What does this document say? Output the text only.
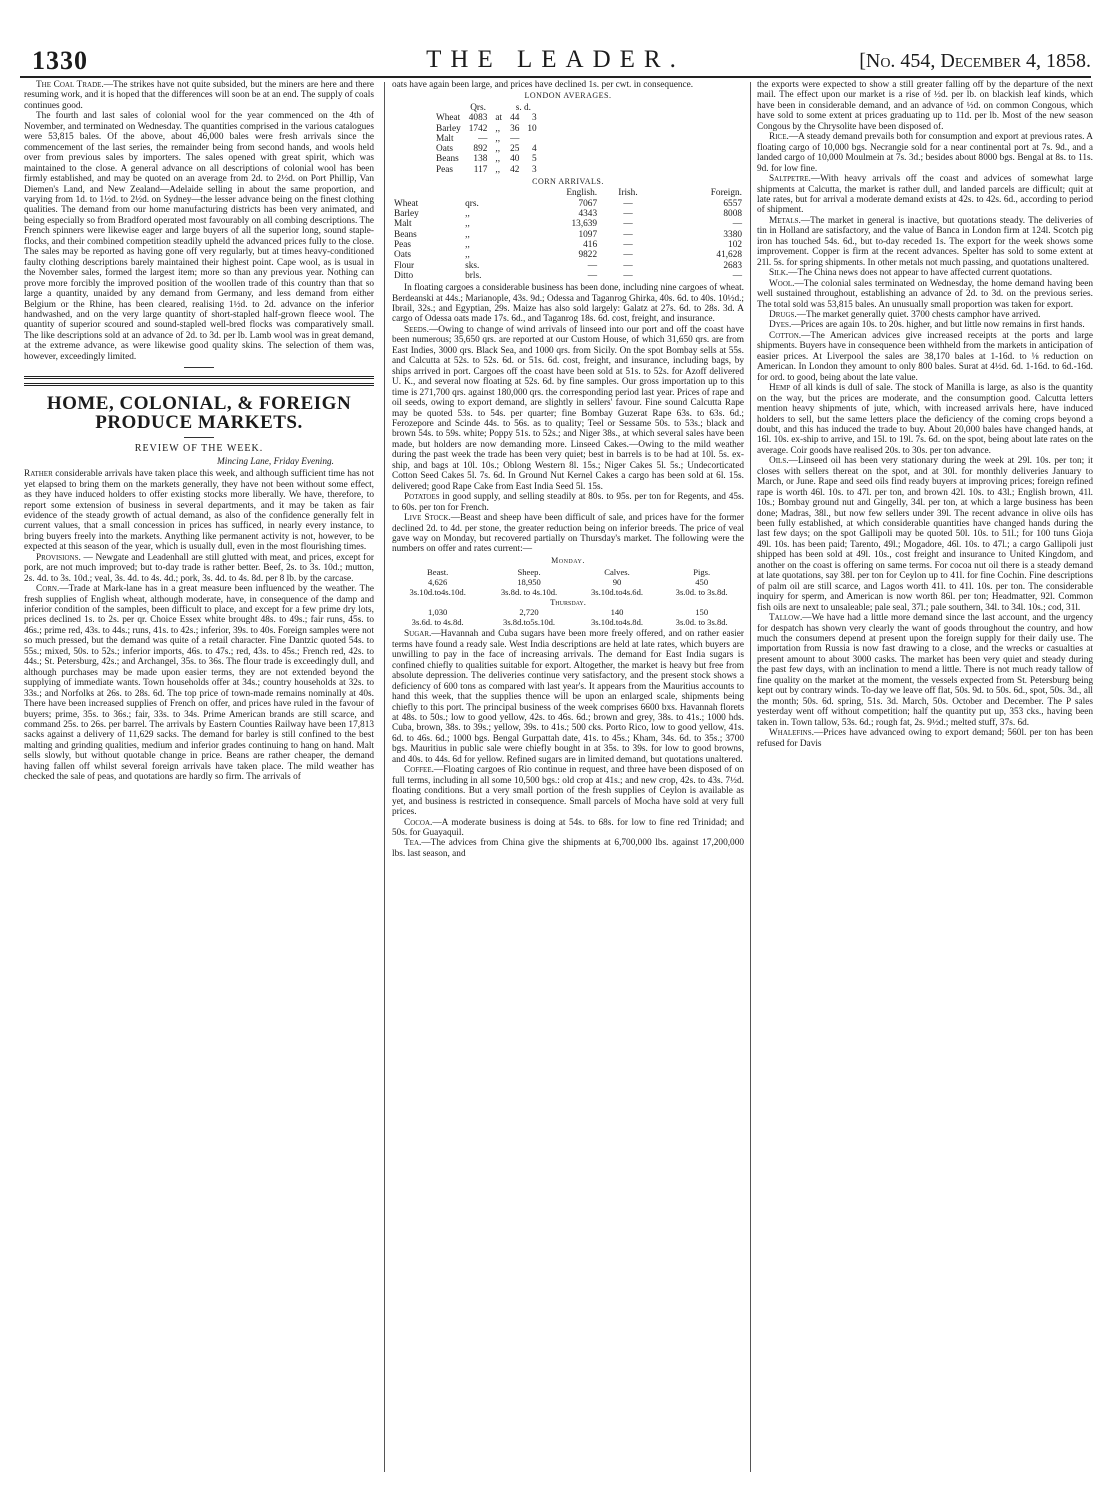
1330	THE LEADER.	[No. 454, December 4, 1858.

The Coal Trade.—The strikes have not quite subsided, but the miners are here and there resuming work, and it is hoped that the differences will soon be at an end. The supply of coals continues good.

The fourth and last sales of colonial wool for the year commenced on the 4th of November, and terminated on Wednesday. The quantities comprised in the various catalogues were 53,815 bales. Of the above, about 46,000 bales were fresh arrivals since the commencement of the last series, the remainder being from second hands, and wools held over from previous sales by importers. The sales opened with great spirit, which was maintained to the close. A general advance on all descriptions of colonial wool has been firmly established, and may be quoted on an average from 2d. to 2½d. on Port Phillip, Van Diemen's Land, and New Zealand—Adelaide selling in about the same proportion, and varying from 1d. to 1½d. to 2½d. on Sydney—the lesser advance being on the finest clothing qualities. The demand from our home manufacturing districts has been very animated, and being especially so from Bradford operated most favourably on all combing descriptions. The French spinners were likewise eager and large buyers of all the superior long, sound staple-flocks, and their combined competition steadily upheld the advanced prices fully to the close. The sales may be reported as having gone off very regularly, but at times heavy-conditioned faulty clothing descriptions barely maintained their highest point. Cape wool, as is usual in the November sales, formed the largest item; more so than any previous year. Nothing can prove more forcibly the improved position of the woollen trade of this country than that so large a quantity, unaided by any demand from Germany, and less demand from either Belgium or the Rhine, has been cleared, realising 1½d. to 2d. advance on the inferior handwashed, and on the very large quantity of short-stapled half-grown fleece wool. The quantity of superior scoured and sound-stapled well-bred flocks was comparatively small. The like descriptions sold at an advance of 2d. to 3d. per lb. Lamb wool was in great demand, at the extreme advance, as were likewise good quality skins. The selection of them was, however, exceedingly limited.

HOME, COLONIAL, & FOREIGN
PRODUCE MARKETS.
REVIEW OF THE WEEK.
Mincing Lane, Friday Evening.

Rather considerable arrivals have taken place this week, and although sufficient time has not yet elapsed to bring them on the markets generally, they have not been without some effect, as they have induced holders to offer existing stocks more liberally. We have, therefore, to report some extension of business in several departments, and it may be taken as fair evidence of the steady growth of actual demand, as also of the confidence generally felt in current values, that a small concession in prices has sufficed, in nearly every instance, to bring buyers freely into the markets. Anything like permanent activity is not, however, to be expected at this season of the year, which is usually dull, even in the most flourishing times.

Provisions. — Newgate and Leadenhall are still glutted with meat, and prices, except for pork, are not much improved; but to-day trade is rather better. Beef, 2s. to 3s. 10d.; mutton, 2s. 4d. to 3s. 10d.; veal, 3s. 4d. to 4s. 4d.; pork, 3s. 4d. to 4s. 8d. per 8 lb. by the carcase.

Corn.—Trade at Mark-lane has in a great measure been influenced by the weather. The fresh supplies of English wheat, although moderate, have, in consequence of the damp and inferior condition of the samples, been difficult to place, and except for a few prime dry lots, prices declined 1s. to 2s. per qr. Choice Essex white brought 48s. to 49s.; fair runs, 45s. to 46s.; prime red, 43s. to 44s.; runs, 41s. to 42s.; inferior, 39s. to 40s. Foreign samples were not so much pressed, but the demand was quite of a retail character. Fine Dantzic quoted 54s. to 55s.; mixed, 50s. to 52s.; inferior imports, 46s. to 47s.; red, 43s. to 45s.; French red, 42s. to 44s.; St. Petersburg, 42s.; and Archangel, 35s. to 36s. The flour trade is exceedingly dull, and although purchases may be made upon easier terms, they are not extended beyond the supplying of immediate wants. Town households offer at 34s.; country households at 32s. to 33s.; and Norfolks at 26s. to 28s. 6d. The top price of town-made remains nominally at 40s. There have been increased supplies of French on offer, and prices have ruled in the favour of buyers; prime, 35s. to 36s.; fair, 33s. to 34s. Prime American brands are still scarce, and command 25s. to 26s. per barrel. The arrivals by Eastern Counties Railway have been 17,813 sacks against a delivery of 11,629 sacks. The demand for barley is still confined to the best malting and grinding qualities, medium and inferior grades continuing to hang on hand. Malt sells slowly, but without quotable change in price. Beans are rather cheaper, the demand having fallen off whilst several foreign arrivals have taken place. The mild weather has checked the sale of peas, and quotations are hardly so firm. The arrivals of

oats have again been large, and prices have declined 1s. per cwt. in consequence.

LONDON AVERAGES.
	Qrs.		s. d.	
Wheat	4083	at	44	3
Barley	1742	,,	36	10
Malt	—	,,	—	
Oats	892	,,	25	4
Beans	138	,,	40	5
Peas	117	,,	42	3
CORN ARRIVALS.
		English.	Irish.	Foreign.
Wheat	qrs.	7067	—	6557
Barley	,,	4343	—	8008
Malt	,,	13,639	—	—
Beans	,,	1097	—	3380
Peas	,,	416	—	102
Oats	,,	9822	—	41,628
Flour	sks.	—	—	2683
Ditto	brls.	—	—	—

In floating cargoes a considerable business has been done, including nine cargoes of wheat. Berdeanski at 44s.; Marianople, 43s. 9d.; Odessa and Taganrog Ghirka, 40s. 6d. to 40s. 10½d.; Ibrail, 32s.; and Egyptian, 29s. Maize has also sold largely: Galatz at 27s. 6d. to 28s. 3d. A cargo of Odessa oats made 17s. 6d., and Taganrog 18s. 6d. cost, freight, and insurance.

Seeds.—Owing to change of wind arrivals of linseed into our port and off the coast have been numerous; 35,650 qrs. are reported at our Custom House, of which 31,650 qrs. are from East Indies, 3000 qrs. Black Sea, and 1000 qrs. from Sicily. On the spot Bombay sells at 55s. and Calcutta at 52s. to 52s. 6d. or 51s. 6d. cost, freight, and insurance, including bags, by ships arrived in port. Cargoes off the coast have been sold at 51s. to 52s. for Azoff delivered U. K., and several now floating at 52s. 6d. by fine samples. Our gross importation up to this time is 271,700 qrs. against 180,000 qrs. the corresponding period last year. Prices of rape and oil seeds, owing to export demand, are slightly in sellers' favour. Fine sound Calcutta Rape may be quoted 53s. to 54s. per quarter; fine Bombay Guzerat Rape 63s. to 63s. 6d.; Ferozepore and Scinde 44s. to 56s. as to quality; Teel or Sessame 50s. to 53s.; black and brown 54s. to 59s. white; Poppy 51s. to 52s.; and Niger 38s., at which several sales have been made, but holders are now demanding more. Linseed Cakes.—Owing to the mild weather during the past week the trade has been very quiet; best in barrels is to be had at 10l. 5s. ex-ship, and bags at 10l. 10s.; Oblong Western 8l. 15s.; Niger Cakes 5l. 5s.; Undecorticated Cotton Seed Cakes 5l. 7s. 6d. In Ground Nut Kernel Cakes a cargo has been sold at 6l. 15s. delivered; good Rape Cake from East India Seed 5l. 15s.

Potatoes in good supply, and selling steadily at 80s. to 95s. per ton for Regents, and 45s. to 60s. per ton for French.

Live Stock.—Beast and sheep have been difficult of sale, and prices have for the former declined 2d. to 4d. per stone, the greater reduction being on inferior breeds. The price of veal gave way on Monday, but recovered partially on Thursday's market. The following were the numbers on offer and rates current:—

Monday.
Beast.	Sheep.	Calves.	Pigs.
4,626	18,950	90	450
3s.10d.to4s.10d.	3s.8d. to 4s.10d.	3s.10d.to4s.6d.	3s.0d. to 3s.8d.
Thursday.			
1,030	2,720	140	150
3s.6d. to 4s.8d.	3s.8d.to5s.10d.	3s.10d.to4s.8d.	3s.0d. to 3s.8d.

Sugar.—Havannah and Cuba sugars have been more freely offered, and on rather easier terms have found a ready sale. West India descriptions are held at late rates, which buyers are unwilling to pay in the face of increasing arrivals. The demand for East India sugars is confined chiefly to qualities suitable for export. Altogether, the market is heavy but free from absolute depression. The deliveries continue very satisfactory, and the present stock shows a deficiency of 600 tons as compared with last year's. It appears from the Mauritius accounts to hand this week, that the supplies thence will be upon an enlarged scale, shipments being chiefly to this port. The principal business of the week comprises 6600 bxs. Havannah florets at 48s. to 50s.; low to good yellow, 42s. to 46s. 6d.; brown and grey, 38s. to 41s.; 1000 hds. Cuba, brown, 38s. to 39s.; yellow, 39s. to 41s.; 500 cks. Porto Rico, low to good yellow, 41s. 6d. to 46s. 6d.; 1000 bgs. Bengal Gurpattah date, 41s. to 45s.; Kham, 34s. 6d. to 35s.; 3700 bgs. Mauritius in public sale were chiefly bought in at 35s. to 39s. for low to good browns, and 40s. to 44s. 6d for yellow. Refined sugars are in limited demand, but quotations unaltered.

Coffee.—Floating cargoes of Rio continue in request, and three have been disposed of on full terms, including in all some 10,500 bgs.: old crop at 41s.; and new crop, 42s. to 43s. 7½d. floating conditions. But a very small portion of the fresh supplies of Ceylon is available as yet, and business is restricted in consequence. Small parcels of Mocha have sold at very full prices.

Cocoa.—A moderate business is doing at 54s. to 68s. for low to fine red Trinidad; and 50s. for Guayaquil.

Tea.—The advices from China give the shipments at 6,700,000 lbs. against 17,200,000 lbs. last season, and

the exports were expected to show a still greater falling off by the departure of the next mail. The effect upon our market is a rise of ½d. per lb. on blackish leaf kinds, which have been in considerable demand, and an advance of ½d. on common Congous, which have sold to some extent at prices graduating up to 11d. per lb. Most of the new season Congous by the Chrysolite have been disposed of.

Rice.—A steady demand prevails both for consumption and export at previous rates. A floating cargo of 10,000 bgs. Necrangie sold for a near continental port at 7s. 9d., and a landed cargo of 10,000 Moulmein at 7s. 3d.; besides about 8000 bgs. Bengal at 8s. to 11s. 9d. for low fine.

Saltpetre.—With heavy arrivals off the coast and advices of somewhat large shipments at Calcutta, the market is rather dull, and landed parcels are difficult; quit at late rates, but for arrival a moderate demand exists at 42s. to 42s. 6d., according to period of shipment.

Metals.—The market in general is inactive, but quotations steady. The deliveries of tin in Holland are satisfactory, and the value of Banca in London firm at 124l. Scotch pig iron has touched 54s. 6d., but to-day receded 1s. The export for the week shows some improvement. Copper is firm at the recent advances. Spelter has sold to some extent at 21l. 5s. for spring shipments. In other metals not much passing, and quotations unaltered.

Silk.—The China news does not appear to have affected current quotations.

Wool.—The colonial sales terminated on Wednesday, the home demand having been well sustained throughout, establishing an advance of 2d. to 3d. on the previous series. The total sold was 53,815 bales. An unusually small proportion was taken for export.

Drugs.—The market generally quiet. 3700 chests camphor have arrived.

Dyes.—Prices are again 10s. to 20s. higher, and but little now remains in first hands.

Cotton.—The American advices give increased receipts at the ports and large shipments. Buyers have in consequence been withheld from the markets in anticipation of easier prices. At Liverpool the sales are 38,170 bales at 1-16d. to ⅛ reduction on American. In London they amount to only 800 bales. Surat at 4½d. 6d. 1-16d. to 6d.-16d. for ord. to good, being about the late value.

Hemp of all kinds is dull of sale. The stock of Manilla is large, as also is the quantity on the way, but the prices are moderate, and the consumption good. Calcutta letters mention heavy shipments of jute, which, with increased arrivals here, have induced holders to sell, but the same letters place the deficiency of the coming crops beyond a doubt, and this has induced the trade to buy. About 20,000 bales have changed hands, at 16l. 10s. ex-ship to arrive, and 15l. to 19l. 7s. 6d. on the spot, being about late rates on the average. Coir goods have realised 20s. to 30s. per ton advance.

Oils.—Linseed oil has been very stationary during the week at 29l. 10s. per ton; it closes with sellers thereat on the spot, and at 30l. for monthly deliveries January to March, or June. Rape and seed oils find ready buyers at improving prices; foreign refined rape is worth 46l. 10s. to 47l. per ton, and brown 42l. 10s. to 43l.; English brown, 41l. 10s.; Bombay ground nut and Gingelly, 34l. per ton, at which a large business has been done; Madras, 38l., but now few sellers under 39l. The recent advance in olive oils has been fully established, at which considerable quantities have changed hands during the last few days; on the spot Gallipoli may be quoted 50l. 10s. to 51l.; for 100 tuns Gioja 49l. 10s. has been paid; Tarento, 49l.; Mogadore, 46l. 10s. to 47l.; a cargo Gallipoli just shipped has been sold at 49l. 10s., cost freight and insurance to United Kingdom, and another on the coast is offering on same terms. For cocoa nut oil there is a steady demand at late quotations, say 38l. per ton for Ceylon up to 41l. for fine Cochin. Fine descriptions of palm oil are still scarce, and Lagos worth 41l. to 41l. 10s. per ton. The considerable inquiry for sperm, and American is now worth 86l. per ton; Headmatter, 92l. Common fish oils are next to unsaleable; pale seal, 37l.; pale southern, 34l. to 34l. 10s.; cod, 31l.

Tallow.—We have had a little more demand since the last account, and the urgency for despatch has shown very clearly the want of goods throughout the country, and how much the consumers depend at present upon the foreign supply for their daily use. The importation from Russia is now fast drawing to a close, and the wrecks or casualties at present amount to about 3000 casks. The market has been very quiet and steady during the past few days, with an inclination to mend a little. There is not much ready tallow of fine quality on the market at the moment, the vessels expected from St. Petersburg being kept out by contrary winds. To-day we leave off flat, 50s. 9d. to 50s. 6d., spot, 50s. 3d., all the month; 50s. 6d. spring, 51s. 3d. March, 50s. October and December. The P sales yesterday went off without competition; half the quantity put up, 353 cks., having been taken in. Town tallow, 53s. 6d.; rough fat, 2s. 9½d.; melted stuff, 37s. 6d.

Whalefins.—Prices have advanced owing to export demand; 560l. per ton has been refused for Davis
